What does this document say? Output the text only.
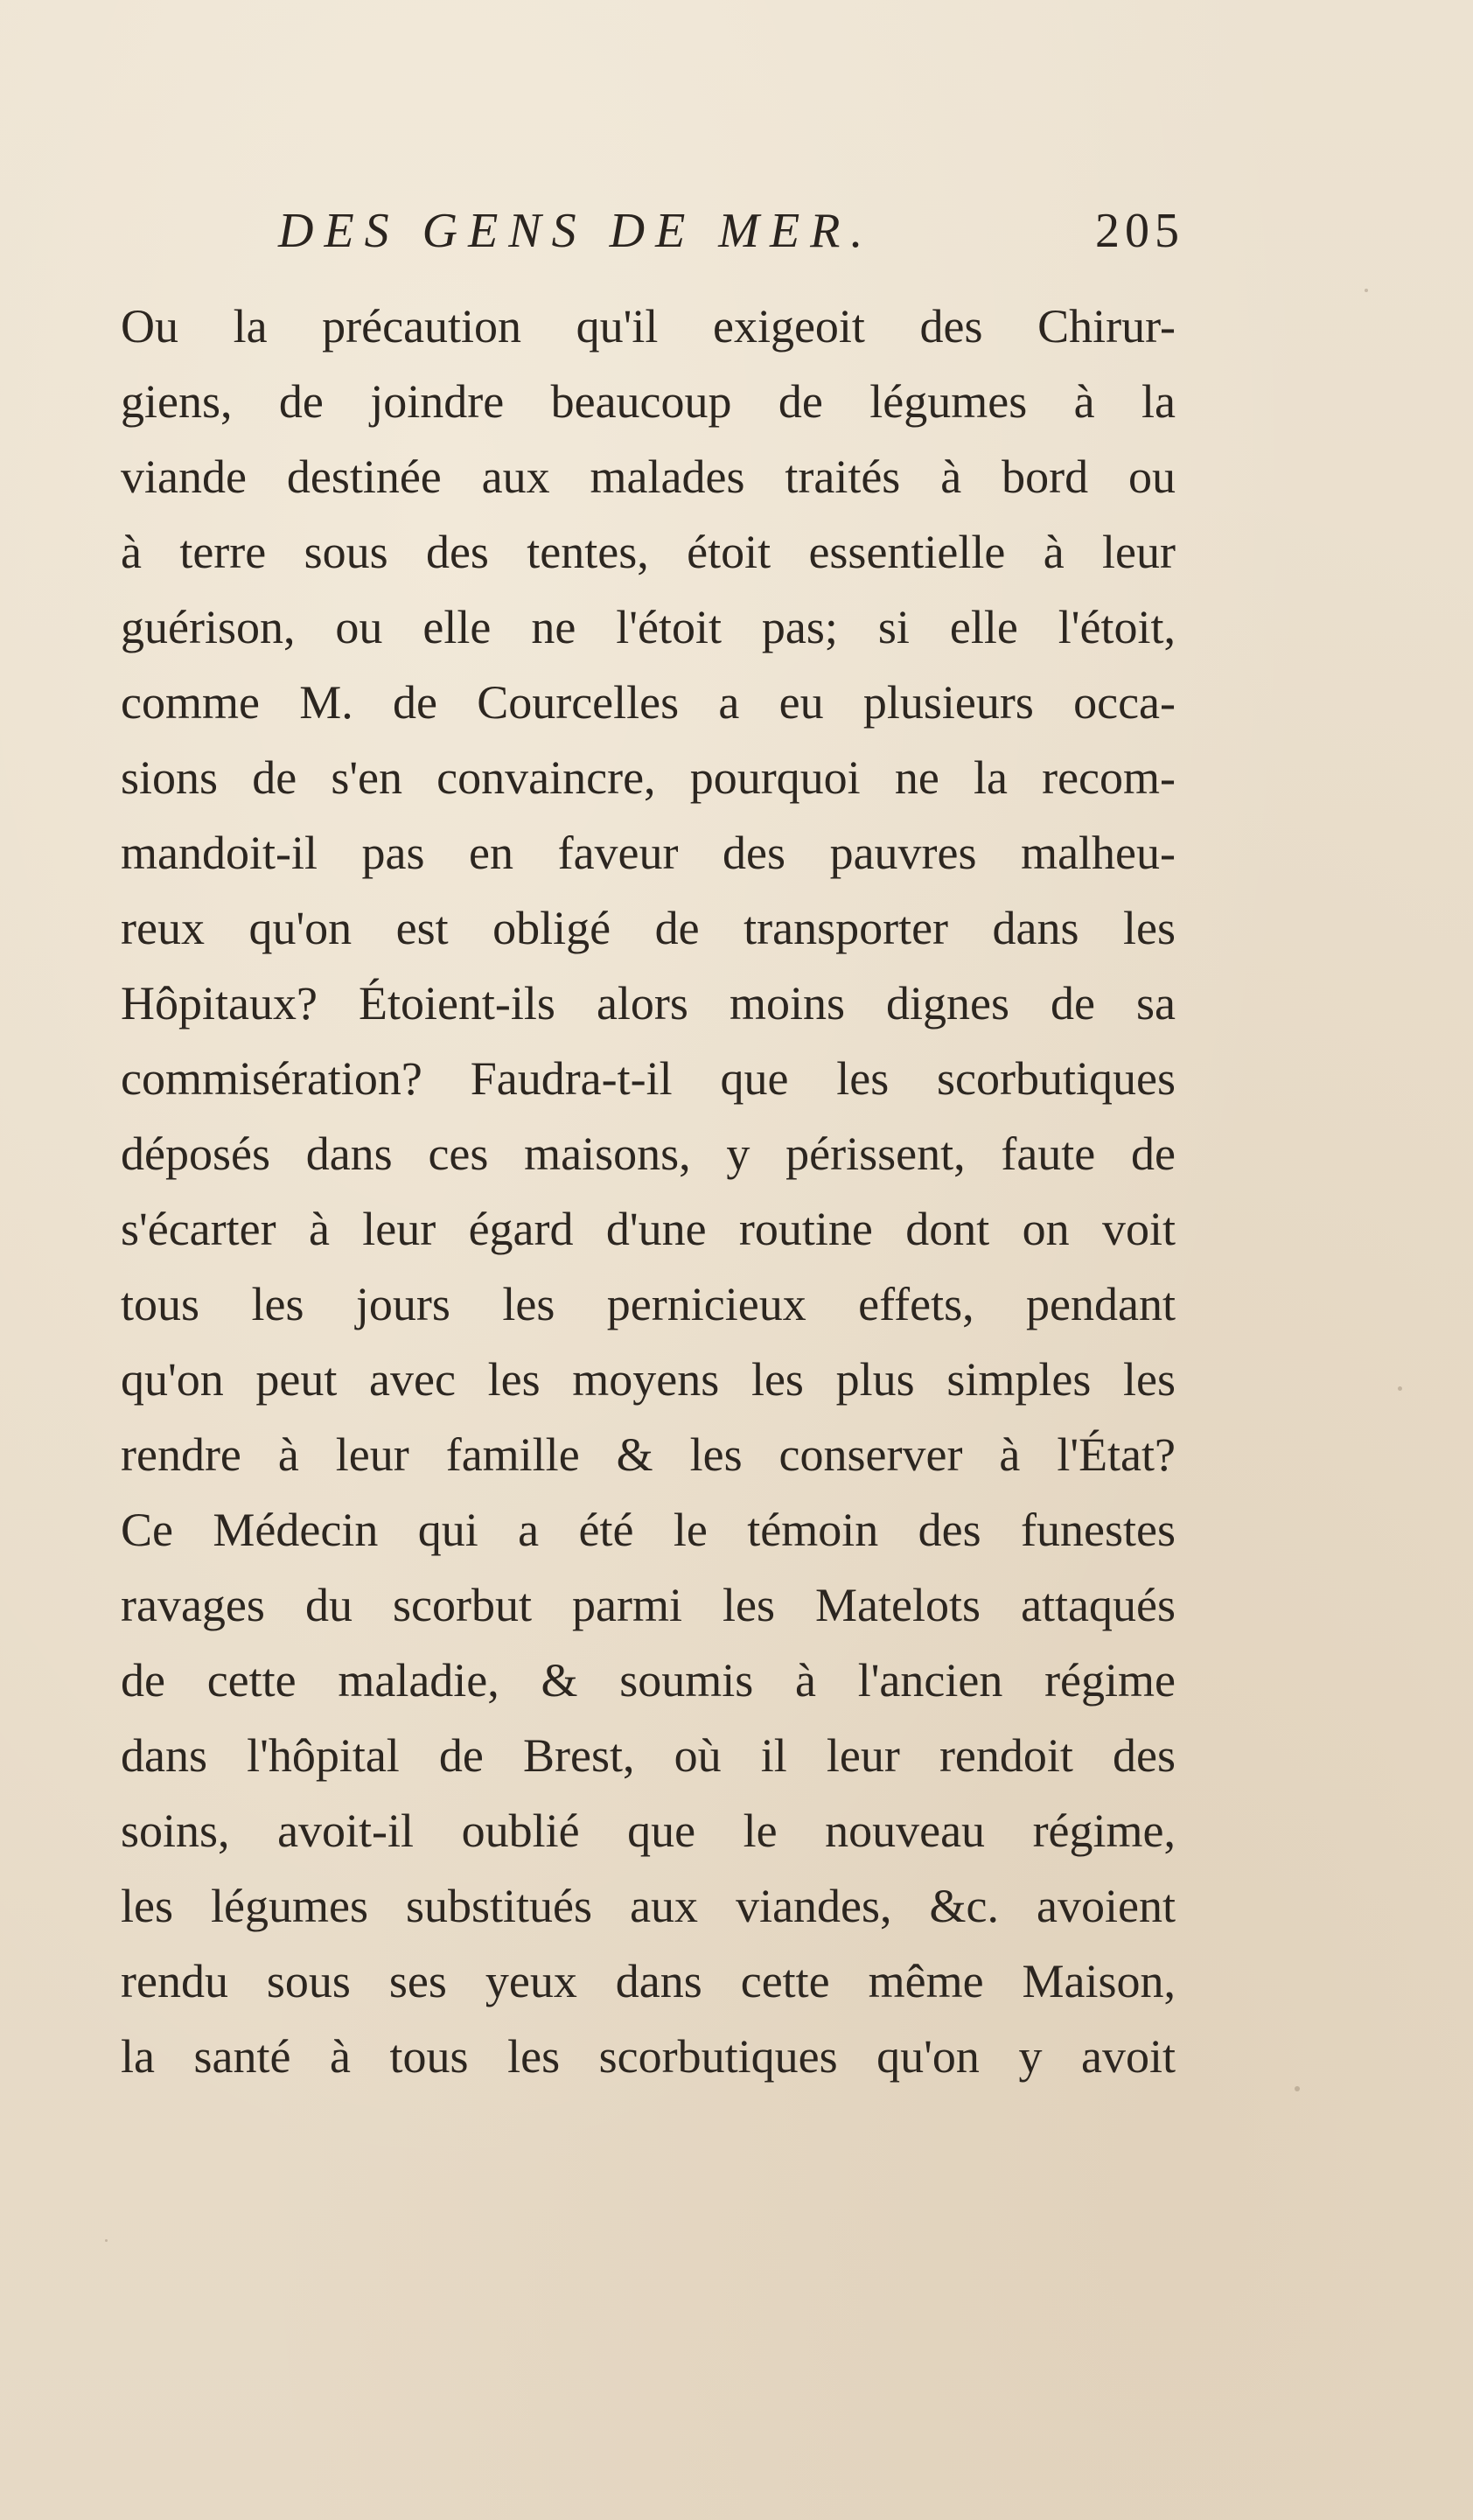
DES GENS DE MER.	205
Ou la précaution qu'il exigeoit des Chirur-
giens, de joindre beaucoup de légumes à la
viande destinée aux malades traités à bord ou
à terre sous des tentes, étoit essentielle à leur
guérison, ou elle ne l'étoit pas; si elle l'étoit,
comme M. de Courcelles a eu plusieurs occa-
sions de s'en convaincre, pourquoi ne la recom-
mandoit-il pas en faveur des pauvres malheu-
reux qu'on est obligé de transporter dans les
Hôpitaux? Étoient-ils alors moins dignes de sa
commisération? Faudra-t-il que les scorbutiques
déposés dans ces maisons, y périssent, faute de
s'écarter à leur égard d'une routine dont on voit
tous les jours les pernicieux effets, pendant
qu'on peut avec les moyens les plus simples les
rendre à leur famille & les conserver à l'État?
Ce Médecin qui a été le témoin des funestes
ravages du scorbut parmi les Matelots attaqués
de cette maladie, & soumis à l'ancien régime
dans l'hôpital de Brest, où il leur rendoit des
soins, avoit-il oublié que le nouveau régime,
les légumes substitués aux viandes, &c. avoient
rendu sous ses yeux dans cette même Maison,
la santé à tous les scorbutiques qu'on y avoit
